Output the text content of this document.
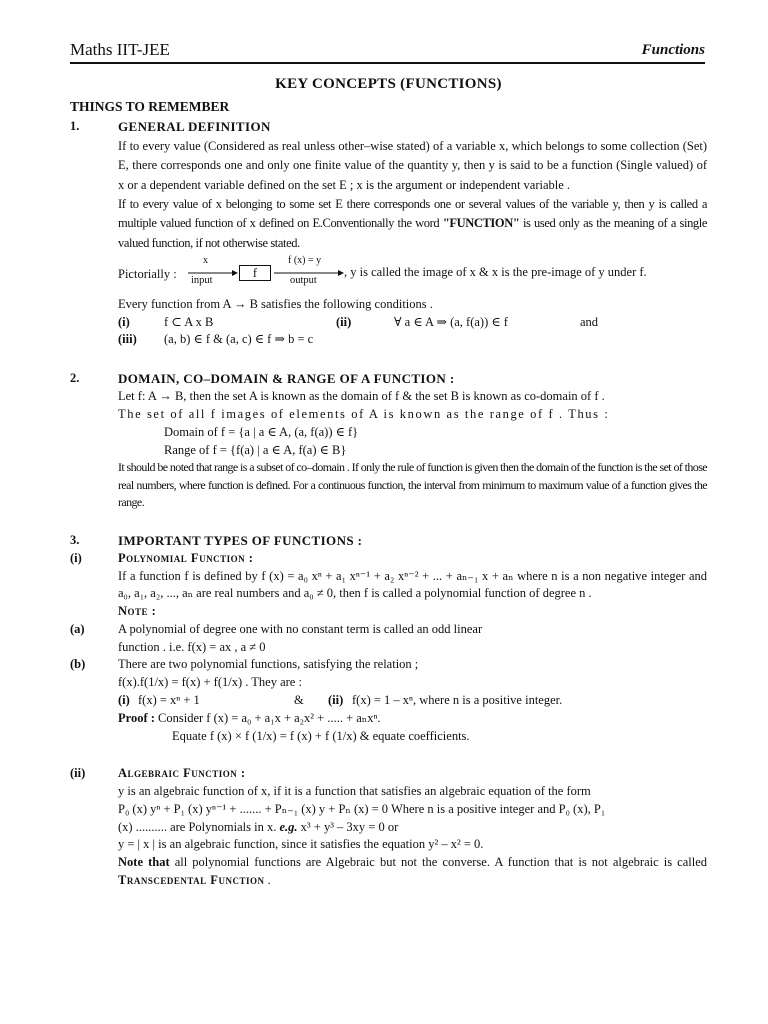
Maths IIT-JEE	Functions
KEY CONCEPTS (FUNCTIONS)
THINGS TO REMEMBER
1.	GENERAL DEFINITION
If to every value (Considered as real unless other–wise stated) of a variable x, which belongs to some collection (Set) E, there corresponds one and only one finite value of the quantity y, then y is said to be a function (Single valued) of x or a dependent variable defined on the set E ; x is the argument or independent variable .
If to every value of x belonging to some set E there corresponds one or several values of the variable y, then y is called a multiple valued function of x defined on E.Conventionally the word "FUNCTION" is used only as the meaning of a single valued function, if not otherwise stated.
Pictorially :
x
input
f
f (x) = y
output
, y is called the image of x & x is the pre-image of y under f.
Every function from A → B satisfies the following conditions .
(i)	f ⊂ A x B	(ii)	∀ a ∈ A ⇒ (a, f(a)) ∈ f	and
(iii) (a, b) ∈ f & (a, c) ∈ f ⇒ b = c
2.	DOMAIN, CO–DOMAIN & RANGE OF A FUNCTION :
Let f: A → B, then the set A is known as the domain of f & the set B is known as co-domain of f .
The set of all f images of elements of A is known as the range of f . Thus :
Domain of f = {a | a ∈ A, (a, f(a)) ∈ f}
Range of f = {f(a) | a ∈ A, f(a) ∈ B}
It should be noted that range is a subset of co–domain . If only the rule of function is given then the domain of the function is the set of those real numbers, where function is defined. For a continuous function, the interval from minimum to maximum value of a function gives the range.
3.	IMPORTANT TYPES OF FUNCTIONS :
(i)	Polynomial Function :
If a function f is defined by f (x) = a₀ xⁿ + a₁ xⁿ⁻¹ + a₂ xⁿ⁻² + ... + aₙ₋₁ x + aₙ where n is a non negative integer and a₀, a₁, a₂, ..., aₙ are real numbers and a₀ ≠ 0, then f is called a polynomial function of degree n .
Note :
(a)	A polynomial of degree one with no constant term is called an odd linear
function . i.e. f(x) = ax , a ≠ 0
(b)	There are two polynomial functions, satisfying the relation ;
f(x).f(1/x) = f(x) + f(1/x) . They are :
(i) f(x) = xⁿ + 1	& (ii) f(x) = 1 – xⁿ, where n is a positive integer.
Proof : Consider f (x) = a₀ + a₁x + a₂x² + ..... + aₙxⁿ.
Equate f (x) × f (1/x) = f (x) + f (1/x) & equate coefficients.
(ii)	Algebraic Function :
y is an algebraic function of x, if it is a function that satisfies an algebraic equation of the form
P₀ (x) yⁿ + P₁ (x) yⁿ⁻¹ + ....... + Pₙ₋₁ (x) y + Pₙ (x) = 0 Where n is a positive integer and P₀ (x), P₁
(x) .......... are Polynomials in x. e.g. x³ + y³ – 3xy = 0 or
y = | x | is an algebraic function, since it satisfies the equation y² – x² = 0.
Note that all polynomial functions are Algebraic but not the converse. A function that is not algebraic is called Transcedental Function .
